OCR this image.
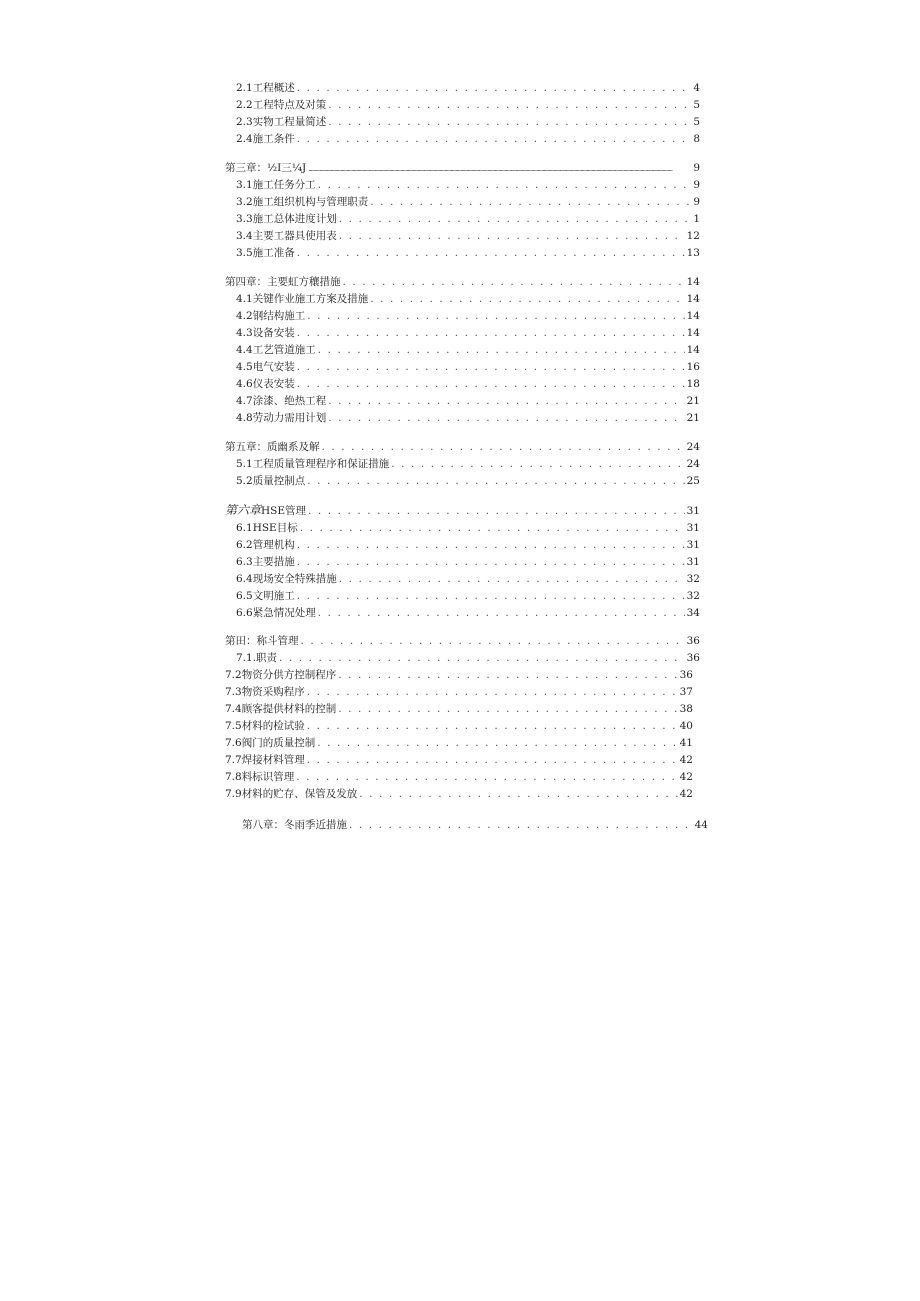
2.1 工程概述 . . .	4
2.2 工程特点及对策 . . .	5
2.3 实物工程量简述 . . .	5
2.4 施工条件 . . .	8
第三章：½I三¼J .....	9
3.1 施工任务分工 . . .	9
3.2 施工组织机构与管理职责 . . .	9
3.3 施工总体进度计划 . . .	1
3.4 主要工器具使用表 . . .	12
3.5 施工准备 . . .	13
第四章：主要虹方穰措施 . . .	14
4.1 关键作业施工方案及措施 . . .	14
4.2 钢结构施工 . . .	14
4.3 设备安装 . . .	14
4.4 工艺管道施工 . . .	14
4.5 电气安装 . . .	16
4.6 仪表安装 . . .	18
4.7 涂漆、绝热工程 . . .	21
4.8 劳动力需用计划 . . .	21
第五章：质幽系及解 . . .	24
5.1 工程质量管理程序和保证措施 . . .	24
5.2 质量控制点 . . .	25
第六章 HSE管理 . . .	31
6.1 HSE目标 . . .	31
6.2 管理机构 . . .	31
6.3 主要措施 . . .	31
6.4 现场安全特殊措施 . . .	32
6.5 文明施工 . . .	32
6.6 紧急情况处理 . . .	34
第田：称斗管理 . . .	36
7.1 .职责 . . .	36
7.2 物资分供方控制程序 . . .	36
7.3 物资采购程序 . . .	37
7.4 顾客提供材料的控制 . . .	38
7.5 材料的检试验 . . .	40
7.6 阀门的质量控制 . . .	41
7.7 焊接材料管理 . . .	42
7.8 料标识管理 . . .	42
7.9 材料的贮存、保管及发放 . . .	42
第八章：冬雨季近措施 . . .	44
